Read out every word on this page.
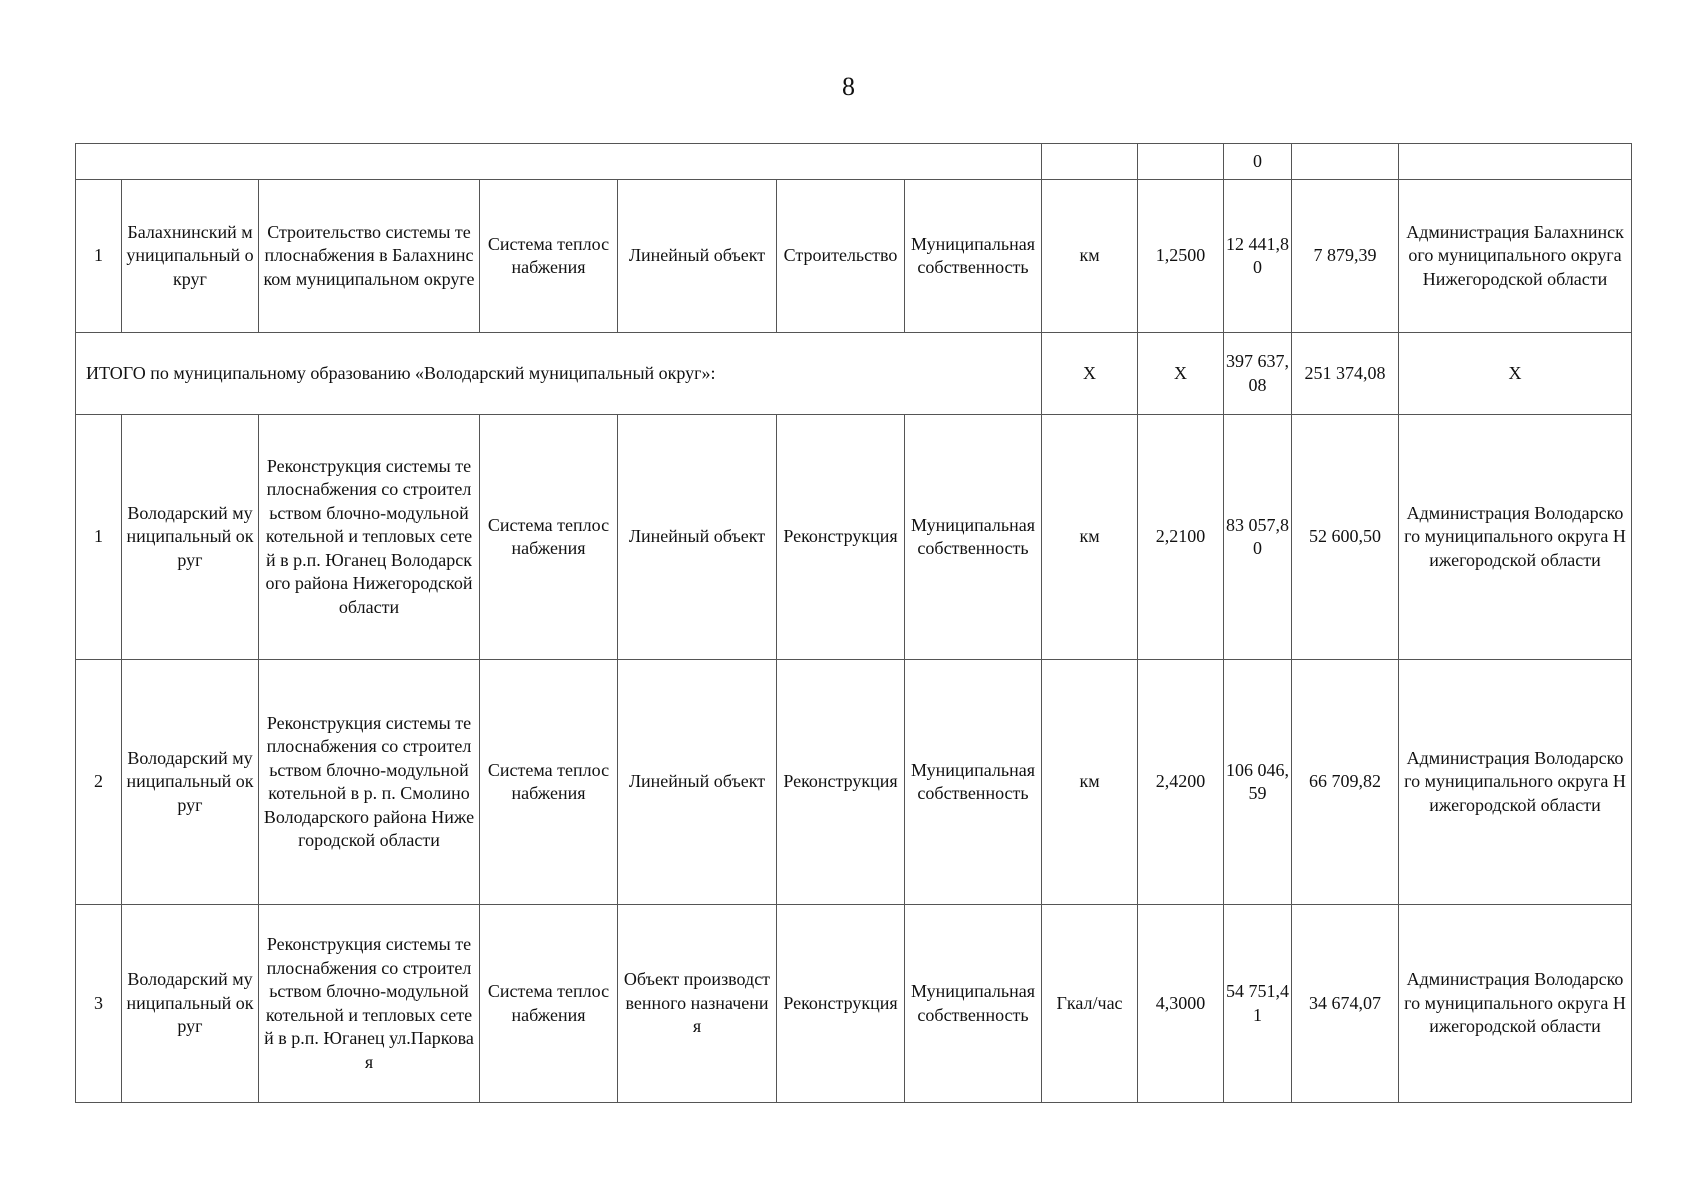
8
									0		
1	Балахнинский муниципальный округ	Строительство системы теплоснабжения в Балахнинском муниципальном округе	Система теплоснабжения	Линейный объект	Строительство	Муниципальная собственность	км	1,2500	12 441,80	7 879,39	Администрация Балахнинского муниципального округа Нижегородской области
ИТОГО по муниципальному образованию «Володарский муниципальный округ»:							X	X	397 637,08	251 374,08	X
1	Володарский муниципальный округ	Реконструкция системы теплоснабжения со строительством блочно-модульной котельной и тепловых сетей в р.п. Юганец Володарского района Нижегородской области	Система теплоснабжения	Линейный объект	Реконструкция	Муниципальная собственность	км	2,2100	83 057,80	52 600,50	Администрация Володарского муниципального округа Нижегородской области
2	Володарский муниципальный округ	Реконструкция системы теплоснабжения со строительством блочно-модульной котельной в р. п. Смолино Володарского района Нижегородской области	Система теплоснабжения	Линейный объект	Реконструкция	Муниципальная собственность	км	2,4200	106 046,59	66 709,82	Администрация Володарского муниципального округа Нижегородской области
3	Володарский муниципальный округ	Реконструкция системы теплоснабжения со строительством блочно-модульной котельной и тепловых сетей в р.п. Юганец ул.Парковая	Система теплоснабжения	Объект производственного назначения	Реконструкция	Муниципальная собственность	Гкал/час	4,3000	54 751,41	34 674,07	Администрация Володарского муниципального округа Нижегородской области
